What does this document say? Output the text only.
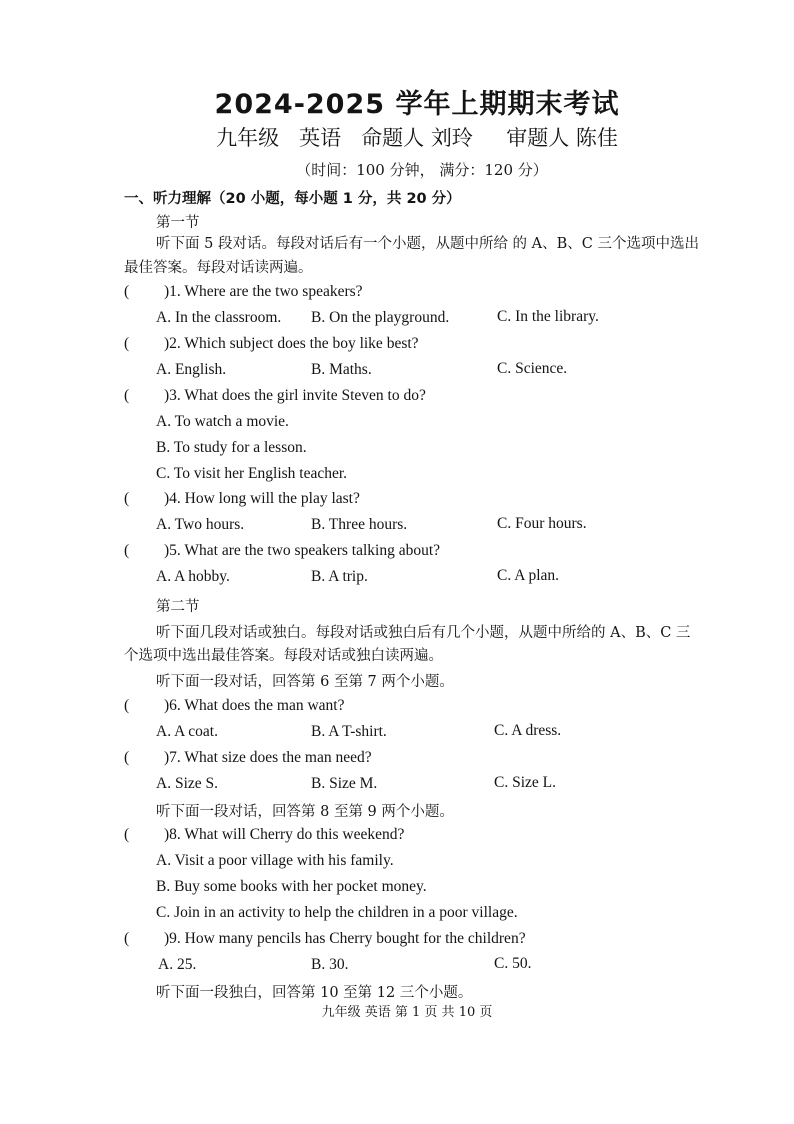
2024-2025 学年上期期末考试
九年级   英语   命题人 刘玲     审题人 陈佳
（时间：100 分钟， 满分：120 分）
一、听力理解（20 小题，每小题 1 分，共 20 分）
第一节
听下面 5 段对话。每段对话后有一个小题，从题中所给 的 A、B、C 三个选项中选出
最佳答案。每段对话读两遍。
( )1. Where are the two speakers?
A. In the classroom. B. On the playground.	C. In the library.
( )2. Which subject does the boy like best?
A. English.	B. Maths.	C. Science.
( )3. What does the girl invite Steven to do?
A. To watch a movie.
B. To study for a lesson.
C. To visit her English teacher.
( )4. How long will the play last?
A. Two hours.	B. Three hours.	C. Four hours.
( )5. What are the two speakers talking about?
A. A hobby.	B. A trip.	C. A plan.
第二节
听下面几段对话或独白。每段对话或独白后有几个小题，从题中所给的 A、B、C 三
个选项中选出最佳答案。每段对话或独白读两遍。
听下面一段对话，回答第 6 至第 7 两个小题。
( )6. What does the man want?
A. A coat.	B. A T-shirt.	C. A dress.
( )7. What size does the man need?
A. Size S.	B. Size M.	C. Size L.
听下面一段对话，回答第 8 至第 9 两个小题。
( )8. What will Cherry do this weekend?
A. Visit a poor village with his family.
B. Buy some books with her pocket money.
C. Join in an activity to help the children in a poor village.
( )9. How many pencils has Cherry bought for the children?
A. 25.	B. 30.	C. 50.
听下面一段独白，回答第 10 至第 12 三个小题。
九年级 英语 第 1 页 共 10 页
